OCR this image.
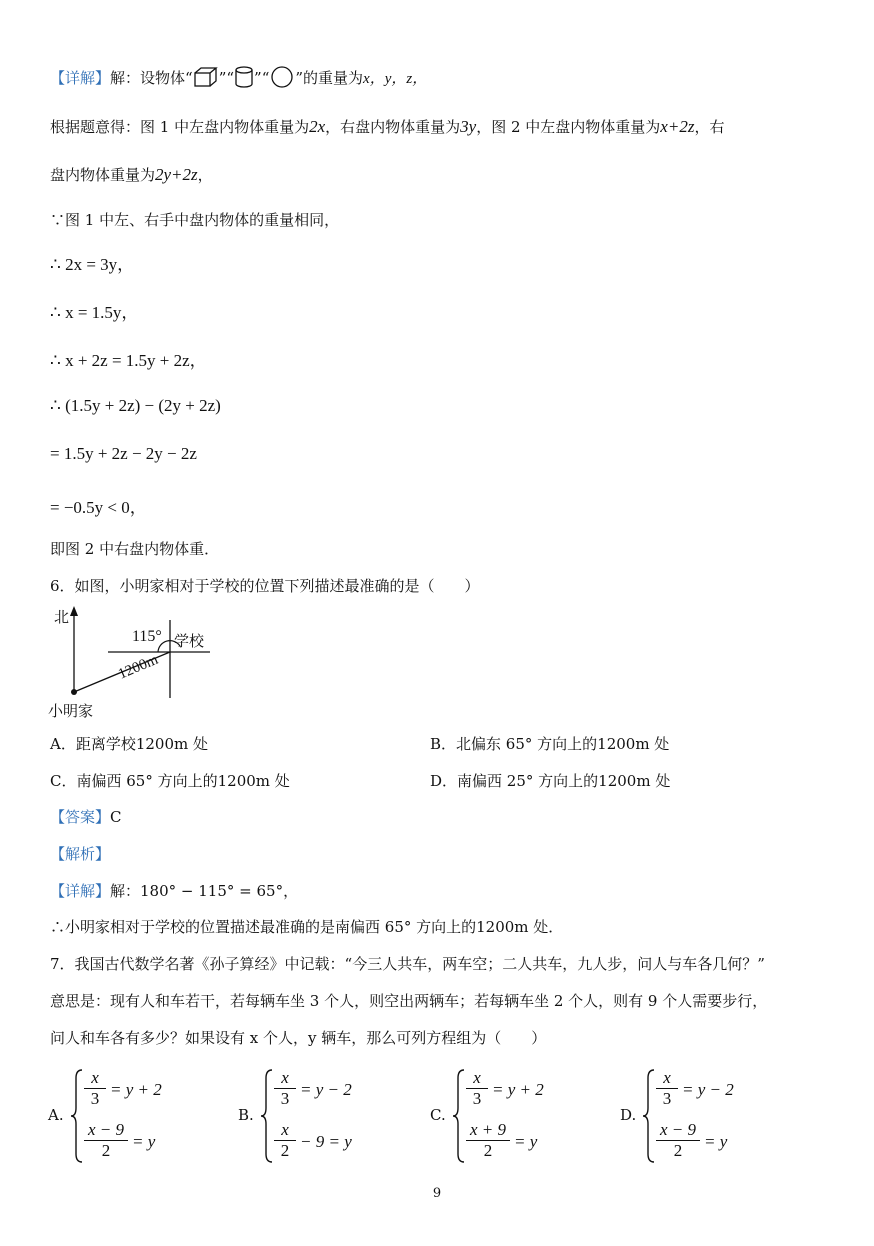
【详解】解：设物体“ ”“ ”“ ”的重量为x，y，z，
根据题意得：图 1 中左盘内物体重量为2x，右盘内物体重量为3y，图 2 中左盘内物体重量为x+2z，右
盘内物体重量为2y+2z，
∵图 1 中左、右手中盘内物体的重量相同，
∴ 2x = 3y，
∴ x = 1.5y，
∴ x + 2z = 1.5y + 2z，
∴ (1.5y + 2z) − (2y + 2z)
= 1.5y + 2z − 2y − 2z
= −0.5y < 0，
即图 2 中右盘内物体重．
6．如图，小明家相对于学校的位置下列描述最准确的是（　　）
北
115° 学校
1200m
小明家
A．距离学校1200m 处	B．北偏东 65° 方向上的1200m 处
C．南偏西 65° 方向上的1200m 处	D．南偏西 25° 方向上的1200m 处
【答案】C
【解析】
【详解】解：180° − 115° = 65°，
∴小明家相对于学校的位置描述最准确的是南偏西 65° 方向上的1200m 处．
7．我国古代数学名著《孙子算经》中记载：“今三人共车，两车空；二人共车，九人步，问人与车各几何？”
意思是：现有人和车若干，若每辆车坐 3 个人，则空出两辆车；若每辆车坐 2 个人，则有 9 个人需要步行，
问人和车各有多少？如果设有 x 个人，y 辆车，那么可列方程组为（　　）
A.
x
3 = y + 2
x − 9
2	= y
B.
x
3 = y − 2
x
2 − 9 = y
C.
x
3 = y + 2
x + 9
2	= y
D.
x
3 = y − 2
x − 9
2	= y
9
